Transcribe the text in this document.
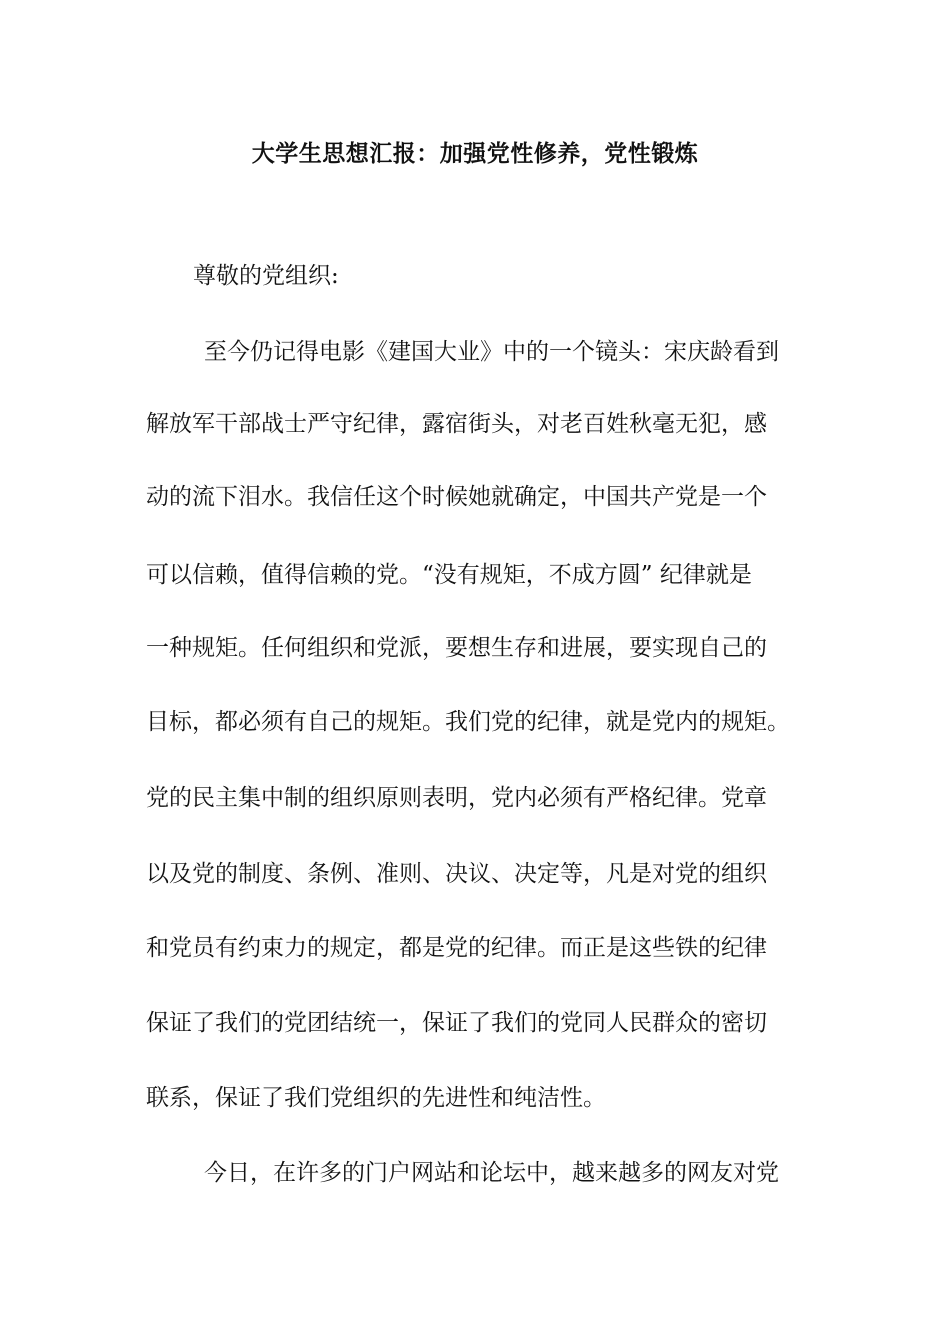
大学生思想汇报：加强党性修养，党性锻炼
尊敬的党组织:
至今仍记得电影《建国大业》中的一个镜头：宋庆龄看到
解放军干部战士严守纪律，露宿街头，对老百姓秋毫无犯，感
动的流下泪水。我信任这个时候她就确定，中国共产党是一个
可以信赖，值得信赖的党。“没有规矩，不成方圆” 纪律就是
一种规矩。任何组织和党派，要想生存和进展，要实现自己的
目标，都必须有自己的规矩。我们党的纪律，就是党内的规矩。
党的民主集中制的组织原则表明，党内必须有严格纪律。党章
以及党的制度、条例、准则、决议、决定等，凡是对党的组织
和党员有约束力的规定，都是党的纪律。而正是这些铁的纪律
保证了我们的党团结统一，保证了我们的党同人民群众的密切
联系，保证了我们党组织的先进性和纯洁性。
今日，在许多的门户网站和论坛中，越来越多的网友对党
